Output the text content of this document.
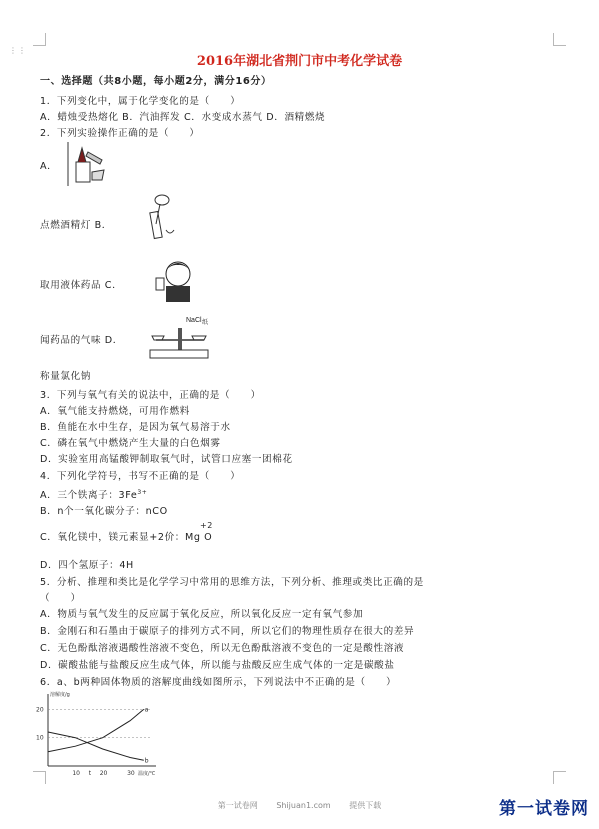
⋮⋮
2016年湖北省荆门市中考化学试卷
一、选择题（共8小题，每小题2分，满分16分）
1．下列变化中，属于化学变化的是（　　）
A．蜡烛受热熔化 B．汽油挥发 C．水变成水蒸气 D．酒精燃烧
2．下列实验操作正确的是（　　）
A．
点燃酒精灯 B．
取用液体药品 C．
闻药品的气味 D．
NaCl 纸
称量氯化钠
3．下列与氧气有关的说法中，正确的是（　　）
A．氧气能支持燃烧，可用作燃料
B．鱼能在水中生存，是因为氧气易溶于水
C．磷在氧气中燃烧产生大量的白色烟雾
D．实验室用高锰酸钾制取氧气时，试管口应塞一团棉花
4．下列化学符号，书写不正确的是（　　）
A．三个铁离子：$3Fe^{3+}$
B．n个一氧化碳分子：nCO
+2
C．氧化镁中，镁元素显+2价：Mg O
D．四个氢原子：4H
5．分析、推理和类比是化学学习中常用的思维方法，下列分析、推理或类比正确的是
（　　）
A．物质与氧气发生的反应属于氧化反应，所以氧化反应一定有氧气参加
B．金刚石和石墨由于碳原子的排列方式不同，所以它们的物理性质存在很大的差异
C．无色酚酞溶液遇酸性溶液不变色，所以无色酚酞溶液不变色的一定是酸性溶液
D．碳酸盐能与盐酸反应生成气体，所以能与盐酸反应生成气体的一定是碳酸盐
6．a、b两种固体物质的溶解度曲线如图所示，下列说法中不正确的是（　　）
溶解度/g
温度/℃
20
10
10 t 20	30
a
b
第一试卷网 Shijuan1.com 提供下载	第一试卷网
